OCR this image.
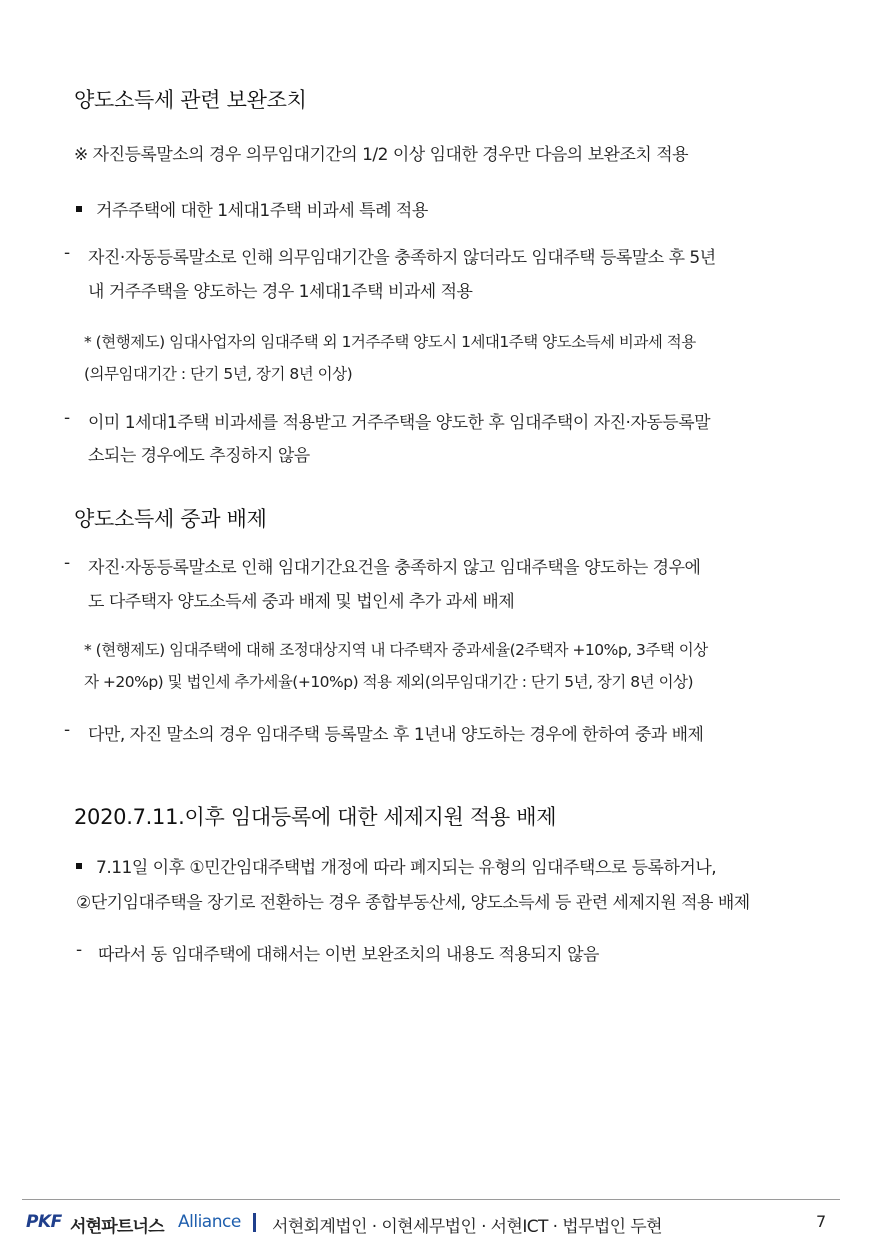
양도소득세 관련 보완조치
※ 자진등록말소의 경우 의무임대기간의 1/2 이상 임대한 경우만 다음의 보완조치 적용
거주주택에 대한 1세대1주택 비과세 특례 적용
- 자진·자동등록말소로 인해 의무임대기간을 충족하지 않더라도 임대주택 등록말소 후 5년
내 거주주택을 양도하는 경우 1세대1주택 비과세 적용
* (현행제도) 임대사업자의 임대주택 외 1거주주택 양도시 1세대1주택 양도소득세 비과세 적용
(의무임대기간 : 단기 5년, 장기 8년 이상)
- 이미 1세대1주택 비과세를 적용받고 거주주택을 양도한 후 임대주택이 자진·자동등록말
소되는 경우에도 추징하지 않음
양도소득세 중과 배제
- 자진·자동등록말소로 인해 임대기간요건을 충족하지 않고 임대주택을 양도하는 경우에
도 다주택자 양도소득세 중과 배제 및 법인세 추가 과세 배제
* (현행제도) 임대주택에 대해 조정대상지역 내 다주택자 중과세율(2주택자 +10%p, 3주택 이상
자 +20%p) 및 법인세 추가세율(+10%p) 적용 제외(의무임대기간 : 단기 5년, 장기 8년 이상)
- 다만, 자진 말소의 경우 임대주택 등록말소 후 1년내 양도하는 경우에 한하여 중과 배제
2020.7.11.이후 임대등록에 대한 세제지원 적용 배제
7.11일 이후 ①민간임대주택법 개정에 따라 폐지되는 유형의 임대주택으로 등록하거나,
②단기임대주택을 장기로 전환하는 경우 종합부동산세, 양도소득세 등 관련 세제지원 적용 배제
- 따라서 동 임대주택에 대해서는 이번 보완조치의 내용도 적용되지 않음
PKF 서현파트너스 Alliance 서현회계법인 · 이현세무법인 · 서현ICT · 법무법인 두현	7
